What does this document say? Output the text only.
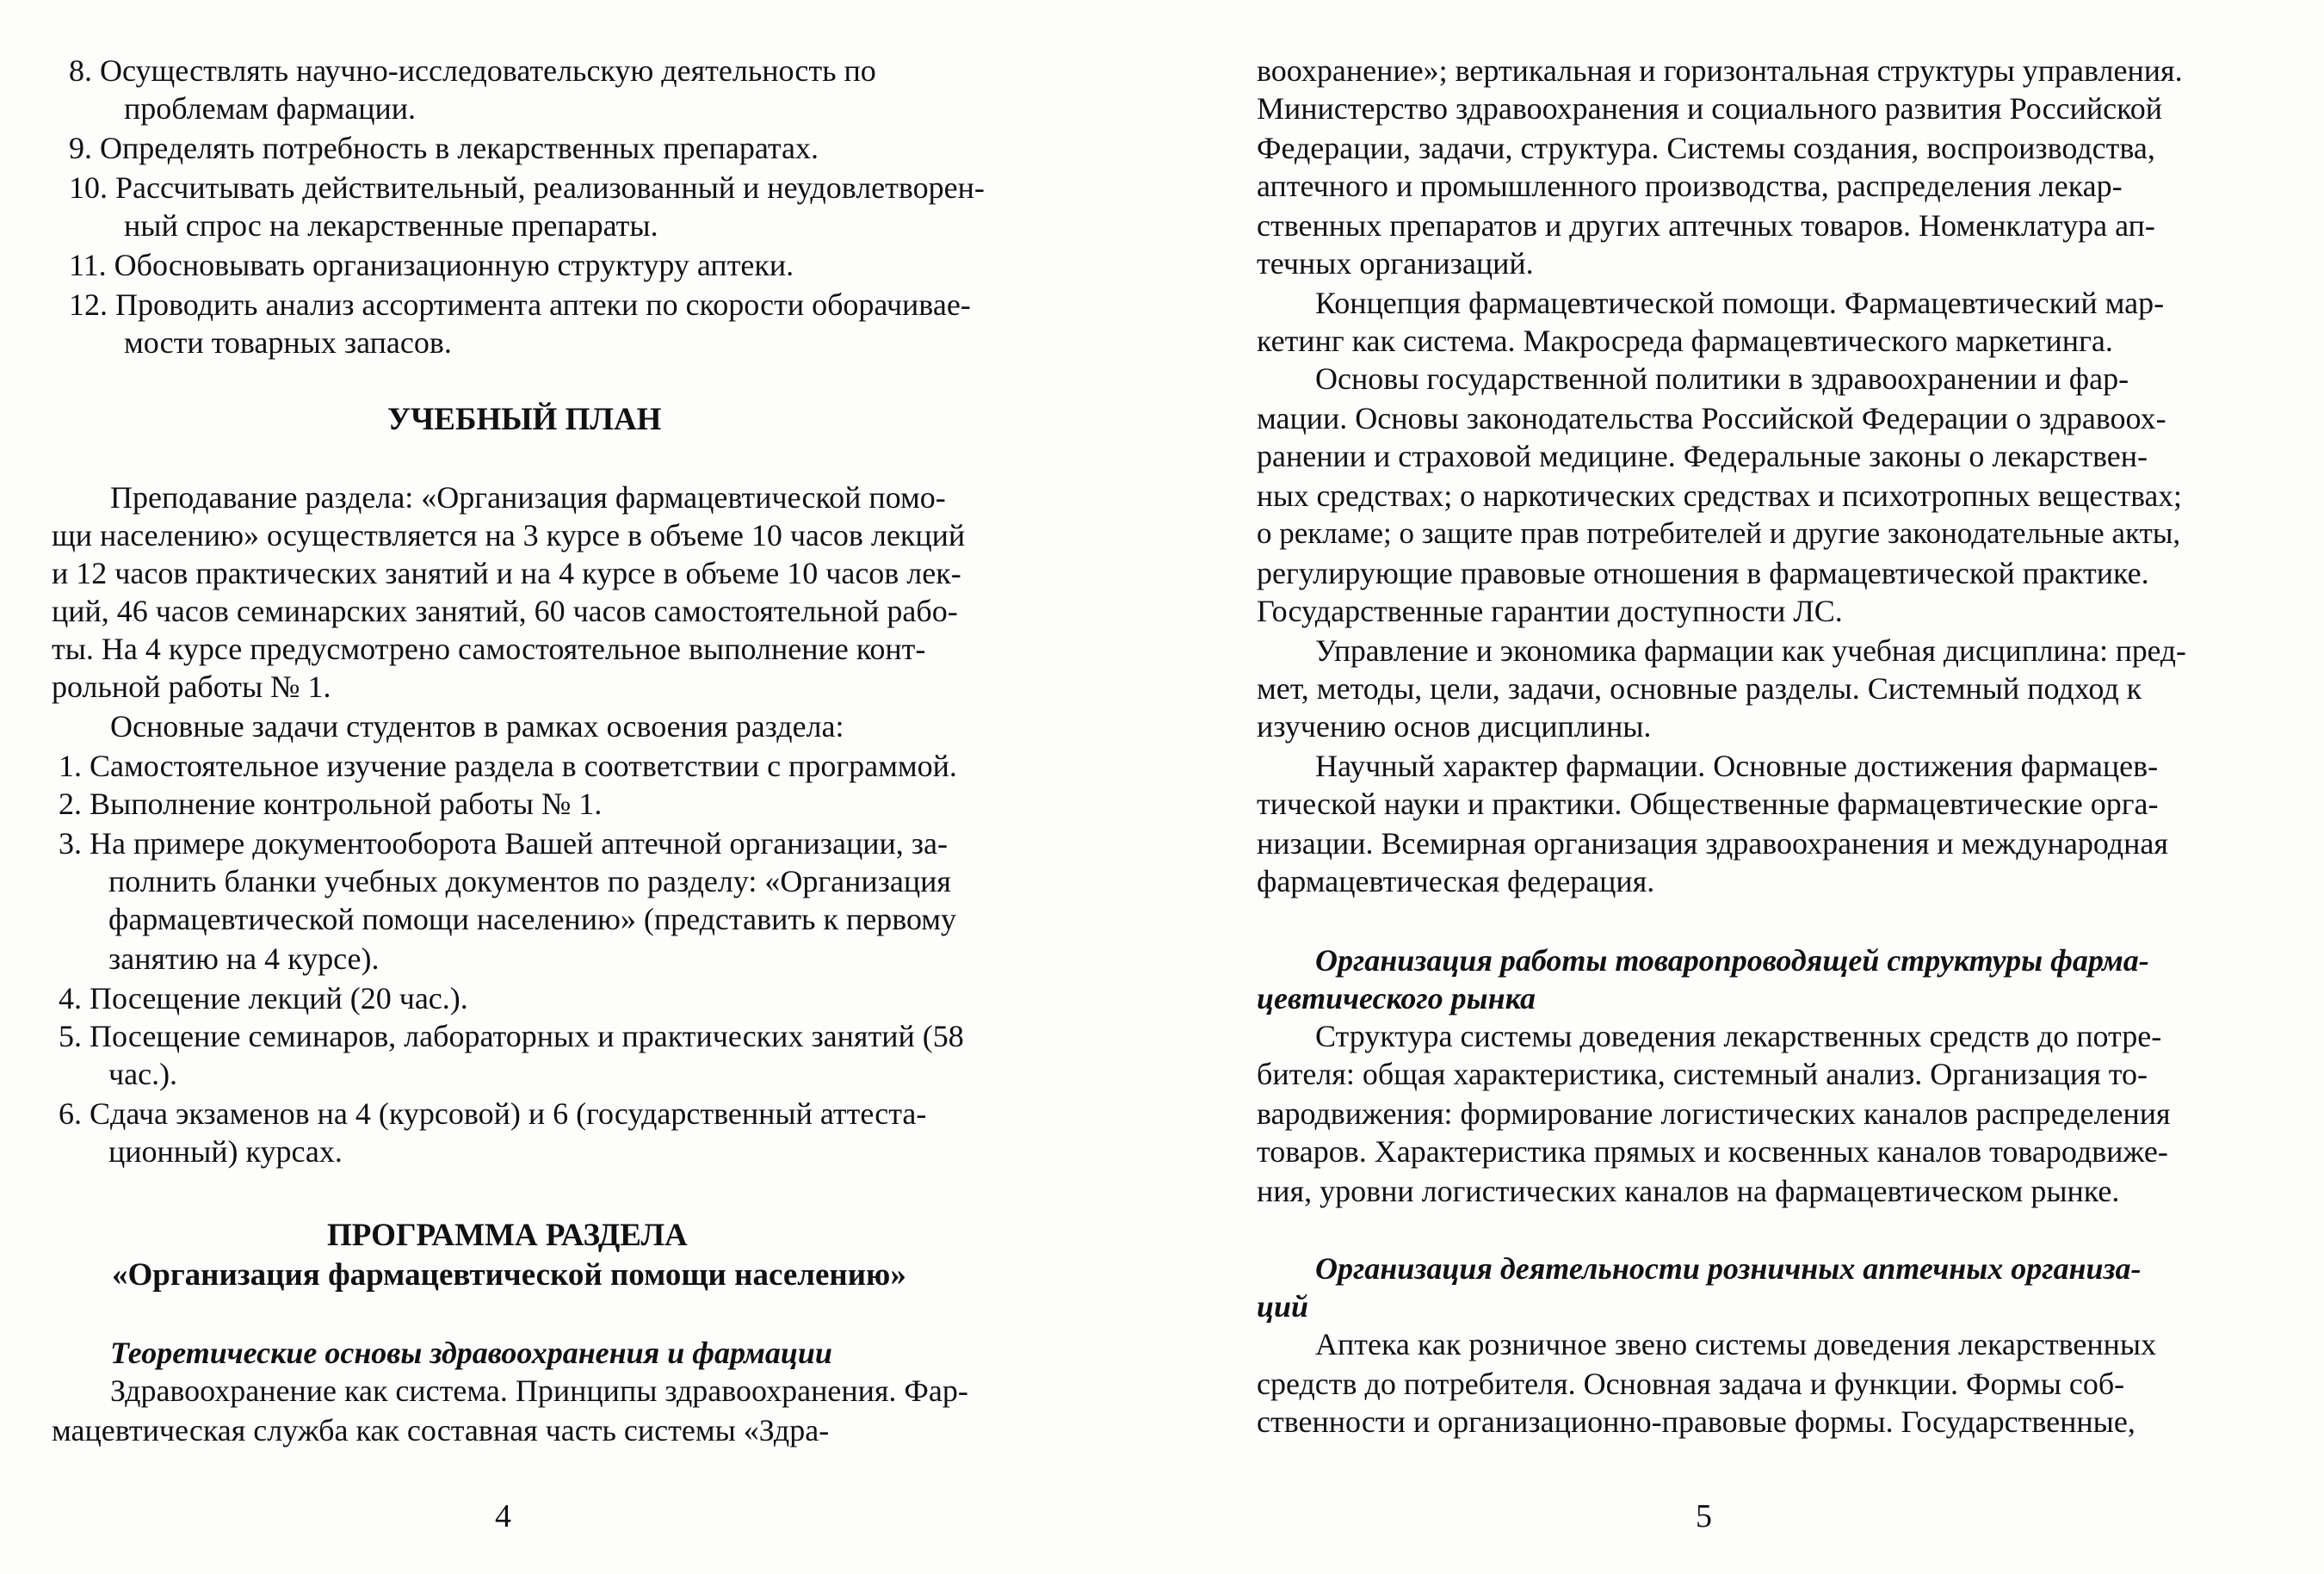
8. Осуществлять научно-исследовательскую деятельность по
проблемам фармации.
9. Определять потребность в лекарственных препаратах.
10. Рассчитывать действительный, реализованный и неудовлетворен-
ный спрос на лекарственные препараты.
11. Обосновывать организационную структуру аптеки.
12. Проводить анализ ассортимента аптеки по скорости оборачивае-
мости товарных запасов.
УЧЕБНЫЙ ПЛАН
Преподавание раздела: «Организация фармацевтической помо-
щи населению» осуществляется на 3 курсе в объеме 10 часов лекций
и 12 часов практических занятий и на 4 курсе в объеме 10 часов лек-
ций, 46 часов семинарских занятий, 60 часов самостоятельной рабо-
ты. На 4 курсе предусмотрено самостоятельное выполнение конт-
рольной работы № 1.
Основные задачи студентов в рамках освоения раздела:
1. Самостоятельное изучение раздела в соответствии с программой.
2. Выполнение контрольной работы № 1.
3. На примере документооборота Вашей аптечной организации, за-
полнить бланки учебных документов по разделу: «Организация
фармацевтической помощи населению» (представить к первому
занятию на 4 курсе).
4. Посещение лекций (20 час.).
5. Посещение семинаров, лабораторных и практических занятий (58
час.).
6. Сдача экзаменов на 4 (курсовой) и 6 (государственный аттеста-
ционный) курсах.
ПРОГРАММА РАЗДЕЛА
«Организация фармацевтической помощи населению»
Теоретические основы здравоохранения и фармации
Здравоохранение как система. Принципы здравоохранения. Фар-
мацевтическая служба как составная часть системы «Здра-
4
воохранение»; вертикальная и горизонтальная структуры управления.
Министерство здравоохранения и социального развития Российской
Федерации, задачи, структура. Системы создания, воспроизводства,
аптечного и промышленного производства, распределения лекар-
ственных препаратов и других аптечных товаров. Номенклатура ап-
течных организаций.
Концепция фармацевтической помощи. Фармацевтический мар-
кетинг как система. Макросреда фармацевтического маркетинга.
Основы государственной политики в здравоохранении и фар-
мации. Основы законодательства Российской Федерации о здравоох-
ранении и страховой медицине. Федеральные законы о лекарствен-
ных средствах; о наркотических средствах и психотропных веществах;
о рекламе; о защите прав потребителей и другие законодательные акты,
регулирующие правовые отношения в фармацевтической практике.
Государственные гарантии доступности ЛС.
Управление и экономика фармации как учебная дисциплина: пред-
мет, методы, цели, задачи, основные разделы. Системный подход к
изучению основ дисциплины.
Научный характер фармации. Основные достижения фармацев-
тической науки и практики. Общественные фармацевтические орга-
низации. Всемирная организация здравоохранения и международная
фармацевтическая федерация.
Организация работы товаропроводящей структуры фарма-
цевтического рынка
Структура системы доведения лекарственных средств до потре-
бителя: общая характеристика, системный анализ. Организация то-
вародвижения: формирование логистических каналов распределения
товаров. Характеристика прямых и косвенных каналов товародвиже-
ния, уровни логистических каналов на фармацевтическом рынке.
Организация деятельности розничных аптечных организа-
ций
Аптека как розничное звено системы доведения лекарственных
средств до потребителя. Основная задача и функции. Формы соб-
ственности и организационно-правовые формы. Государственные,
5
